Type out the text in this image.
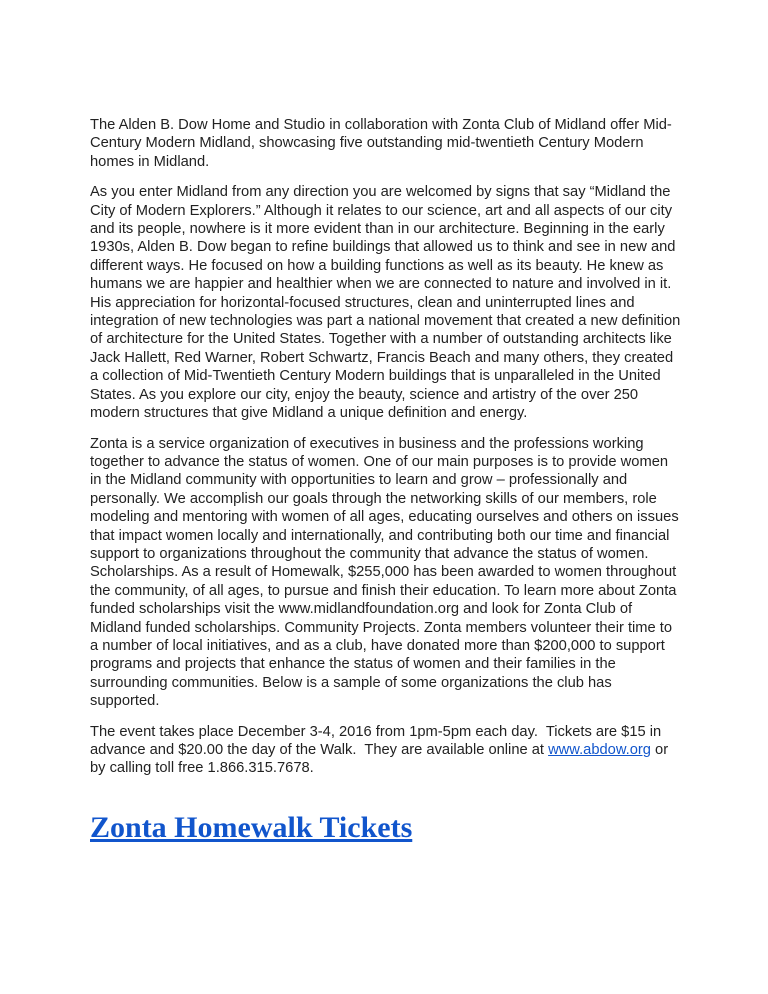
The Alden B. Dow Home and Studio in collaboration with Zonta Club of Midland offer Mid-Century Modern Midland, showcasing five outstanding mid-twentieth Century Modern homes in Midland.

As you enter Midland from any direction you are welcomed by signs that say “Midland the City of Modern Explorers.” Although it relates to our science, art and all aspects of our city and its people, nowhere is it more evident than in our architecture. Beginning in the early 1930s, Alden B. Dow began to refine buildings that allowed us to think and see in new and different ways. He focused on how a building functions as well as its beauty. He knew as humans we are happier and healthier when we are connected to nature and involved in it. His appreciation for horizontal-focused structures, clean and uninterrupted lines and integration of new technologies was part a national movement that created a new definition of architecture for the United States. Together with a number of outstanding architects like Jack Hallett, Red Warner, Robert Schwartz, Francis Beach and many others, they created a collection of Mid-Twentieth Century Modern buildings that is unparalleled in the United States. As you explore our city, enjoy the beauty, science and artistry of the over 250 modern structures that give Midland a unique definition and energy.

Zonta is a service organization of executives in business and the professions working together to advance the status of women. One of our main purposes is to provide women in the Midland community with opportunities to learn and grow – professionally and personally. We accomplish our goals through the networking skills of our members, role modeling and mentoring with women of all ages, educating ourselves and others on issues that impact women locally and internationally, and contributing both our time and financial support to organizations throughout the community that advance the status of women. Scholarships. As a result of Homewalk, $255,000 has been awarded to women throughout the community, of all ages, to pursue and finish their education. To learn more about Zonta funded scholarships visit the www.midlandfoundation.org and look for Zonta Club of Midland funded scholarships. Community Projects. Zonta members volunteer their time to a number of local initiatives, and as a club, have donated more than $200,000 to support programs and projects that enhance the status of women and their families in the surrounding communities. Below is a sample of some organizations the club has supported.

The event takes place December 3-4, 2016 from 1pm-5pm each day.  Tickets are $15 in advance and $20.00 the day of the Walk.  They are available online at www.abdow.org or by calling toll free 1.866.315.7678.

Zonta Homewalk Tickets
